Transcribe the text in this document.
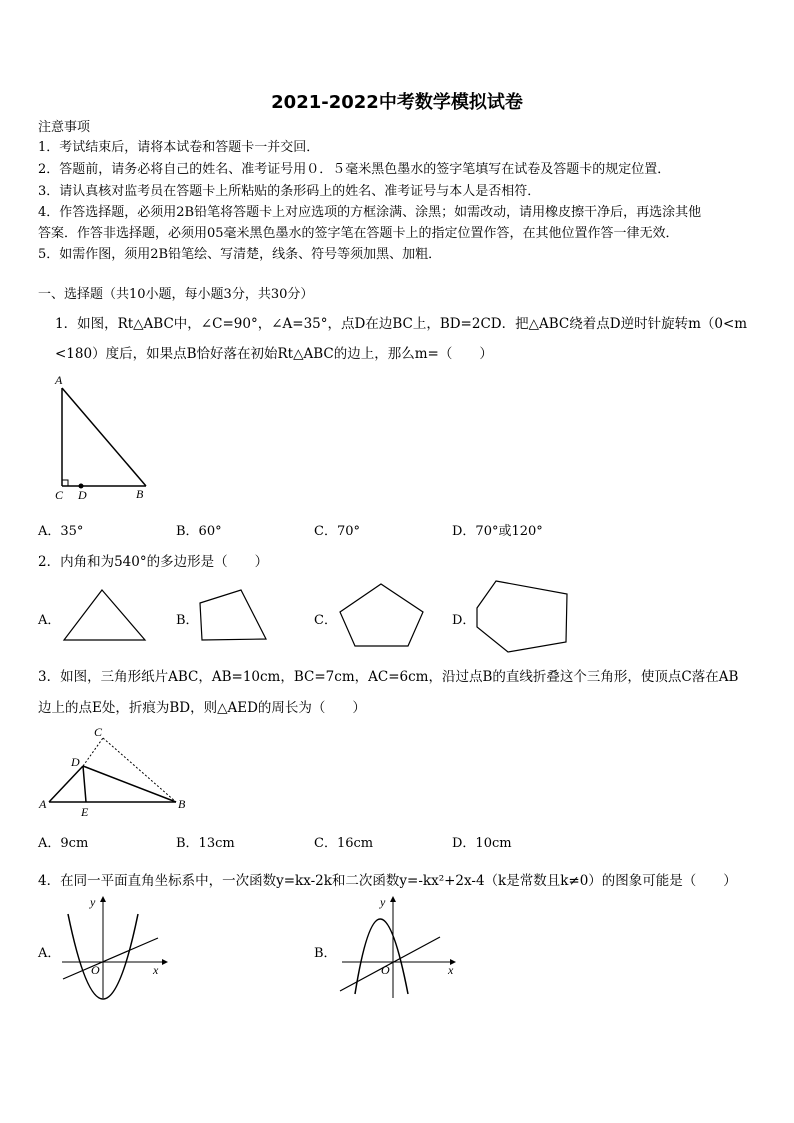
2021-2022中考数学模拟试卷
注意事项
1．考试结束后，请将本试卷和答题卡一并交回．
2．答题前，请务必将自己的姓名、准考证号用０．５毫米黑色墨水的签字笔填写在试卷及答题卡的规定位置．
3．请认真核对监考员在答题卡上所粘贴的条形码上的姓名、准考证号与本人是否相符．
4．作答选择题，必须用2B铅笔将答题卡上对应选项的方框涂满、涂黑；如需改动，请用橡皮擦干净后，再选涂其他
答案．作答非选择题，必须用05毫米黑色墨水的签字笔在答题卡上的指定位置作答，在其他位置作答一律无效．
5．如需作图，须用2B铅笔绘、写清楚，线条、符号等须加黑、加粗．
一、选择题（共10小题，每小题3分，共30分）
1．如图，Rt△ABC中，∠C=90°，∠A=35°，点D在边BC上，BD=2CD．把△ABC绕着点D逆时针旋转m（0<m
<180）度后，如果点B恰好落在初始Rt△ABC的边上，那么m=（　　）
A
C D	B
A．35°	B．60°	C．70°	D．70°或120°
2．内角和为540°的多边形是（　　）
A．	B．	C．	D．
3．如图，三角形纸片ABC，AB=10cm，BC=7cm，AC=6cm，沿过点B的直线折叠这个三角形，使顶点C落在AB
边上的点E处，折痕为BD，则△AED的周长为（　　）
A	B
C
D
E
A．9cm	B．13cm	C．16cm	D．10cm
4．在同一平面直角坐标系中，一次函数y=kx-2k和二次函数y=-kx²+2x-4（k是常数且k≠0）的图象可能是（　　）
A．
y
x
O
B．
y
x
O
